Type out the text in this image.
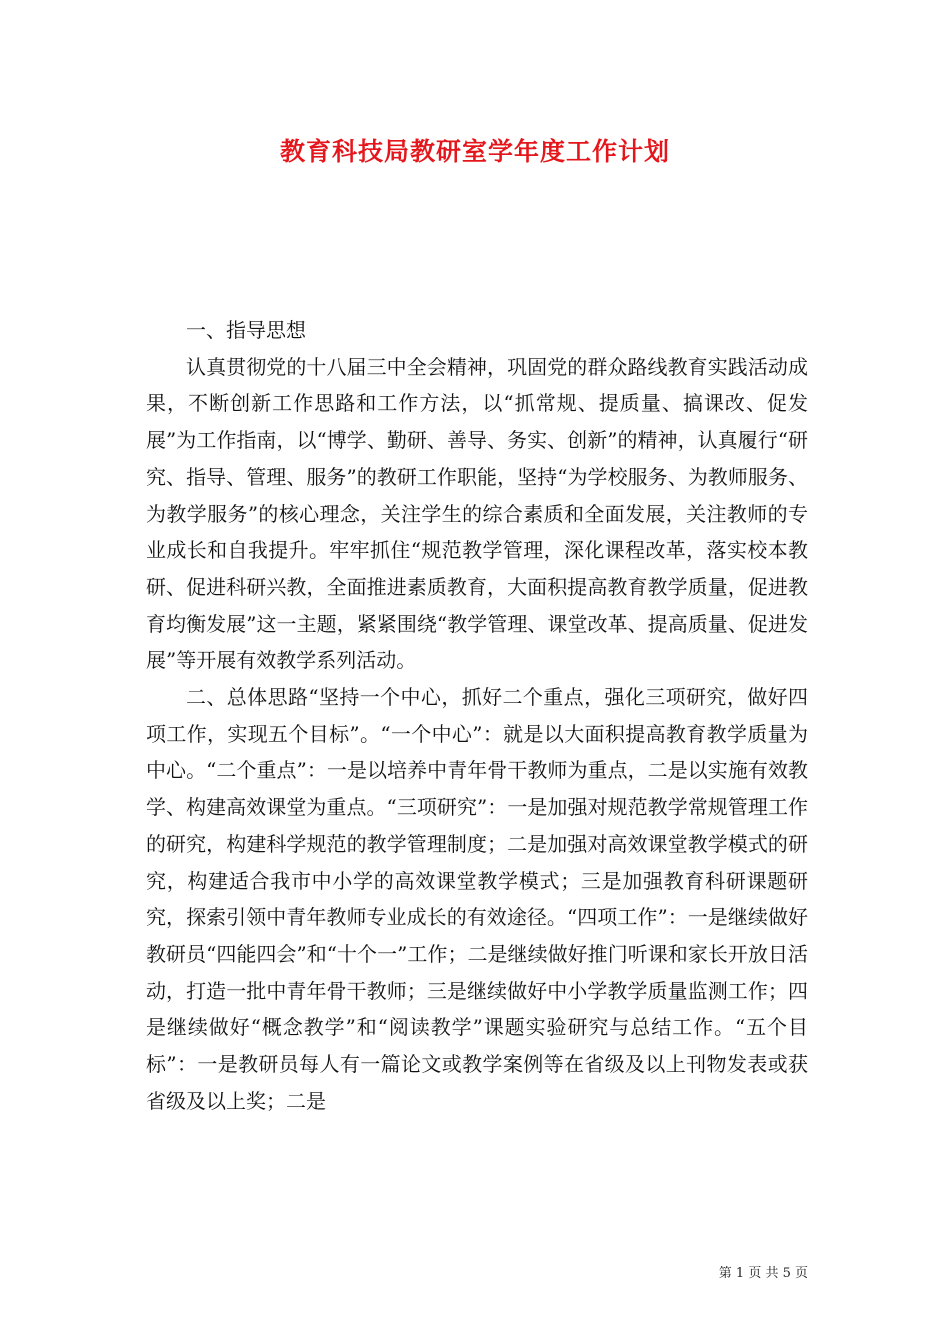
教育科技局教研室学年度工作计划

一、指导思想

认真贯彻党的十八届三中全会精神，巩固党的群众路线教育实践活动成果，不断创新工作思路和工作方法，以“抓常规、提质量、搞课改、促发展”为工作指南，以“博学、勤研、善导、务实、创新”的精神，认真履行“研究、指导、管理、服务”的教研工作职能，坚持“为学校服务、为教师服务、为教学服务”的核心理念，关注学生的综合素质和全面发展，关注教师的专业成长和自我提升。牢牢抓住“规范教学管理，深化课程改革，落实校本教研、促进科研兴教，全面推进素质教育，大面积提高教育教学质量，促进教育均衡发展”这一主题，紧紧围绕“教学管理、课堂改革、提高质量、促进发展”等开展有效教学系列活动。

二、总体思路“坚持一个中心，抓好二个重点，强化三项研究，做好四项工作，实现五个目标”。“一个中心”：就是以大面积提高教育教学质量为中心。“二个重点”：一是以培养中青年骨干教师为重点，二是以实施有效教学、构建高效课堂为重点。“三项研究”：一是加强对规范教学常规管理工作的研究，构建科学规范的教学管理制度；二是加强对高效课堂教学模式的研究，构建适合我市中小学的高效课堂教学模式；三是加强教育科研课题研究，探索引领中青年教师专业成长的有效途径。“四项工作”：一是继续做好教研员“四能四会”和“十个一”工作；二是继续做好推门听课和家长开放日活动，打造一批中青年骨干教师；三是继续做好中小学教学质量监测工作；四是继续做好“概念教学”和“阅读教学”课题实验研究与总结工作。“五个目标”：一是教研员每人有一篇论文或教学案例等在省级及以上刊物发表或获省级及以上奖；二是

第 1 页 共 5 页
